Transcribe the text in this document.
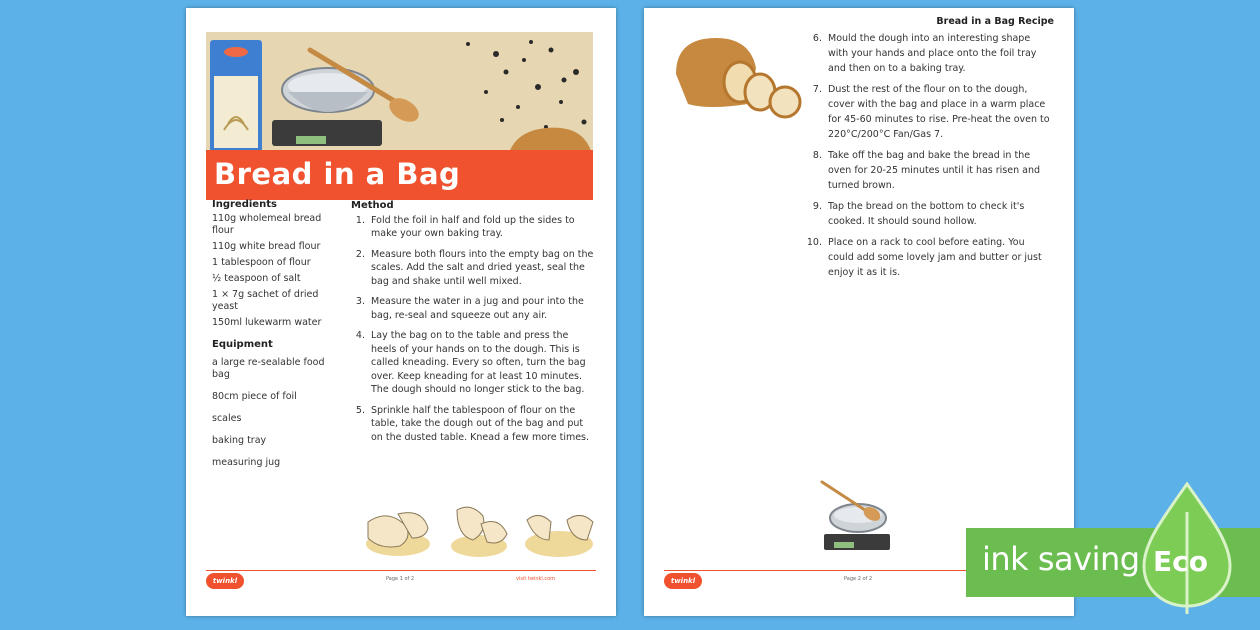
Bread in a Bag
Ingredients
110g wholemeal bread flour
110g white bread flour
1 tablespoon of flour
½ teaspoon of salt
1 × 7g sachet of dried yeast
150ml lukewarm water
Equipment
a large re-sealable food bag
80cm piece of foil
scales
baking tray
measuring jug
Method
1. Fold the foil in half and fold up the sides to make your own baking tray.
2. Measure both flours into the empty bag on the scales. Add the salt and dried yeast, seal the bag and shake until well mixed.
3. Measure the water in a jug and pour into the bag, re-seal and squeeze out any air.
4. Lay the bag on to the table and press the heels of your hands on to the dough. This is called kneading. Every so often, turn the bag over. Keep kneading for at least 10 minutes. The dough should no longer stick to the bag.
5. Sprinkle half the tablespoon of flour on the table, take the dough out of the bag and put on the dusted table. Knead a few more times.
twinkl	Page 1 of 2	visit twinkl.com
Bread in a Bag Recipe
6. Mould the dough into an interesting shape with your hands and place onto the foil tray and then on to a baking tray.
7. Dust the rest of the flour on to the dough, cover with the bag and place in a warm place for 45-60 minutes to rise. Pre-heat the oven to 220°C/200°C Fan/Gas 7.
8. Take off the bag and bake the bread in the oven for 20-25 minutes until it has risen and turned brown.
9. Tap the bread on the bottom to check it's cooked. It should sound hollow.
10. Place on a rack to cool before eating. You could add some lovely jam and butter or just enjoy it as it is.
twinkl	Page 2 of 2
ink saving Eco
